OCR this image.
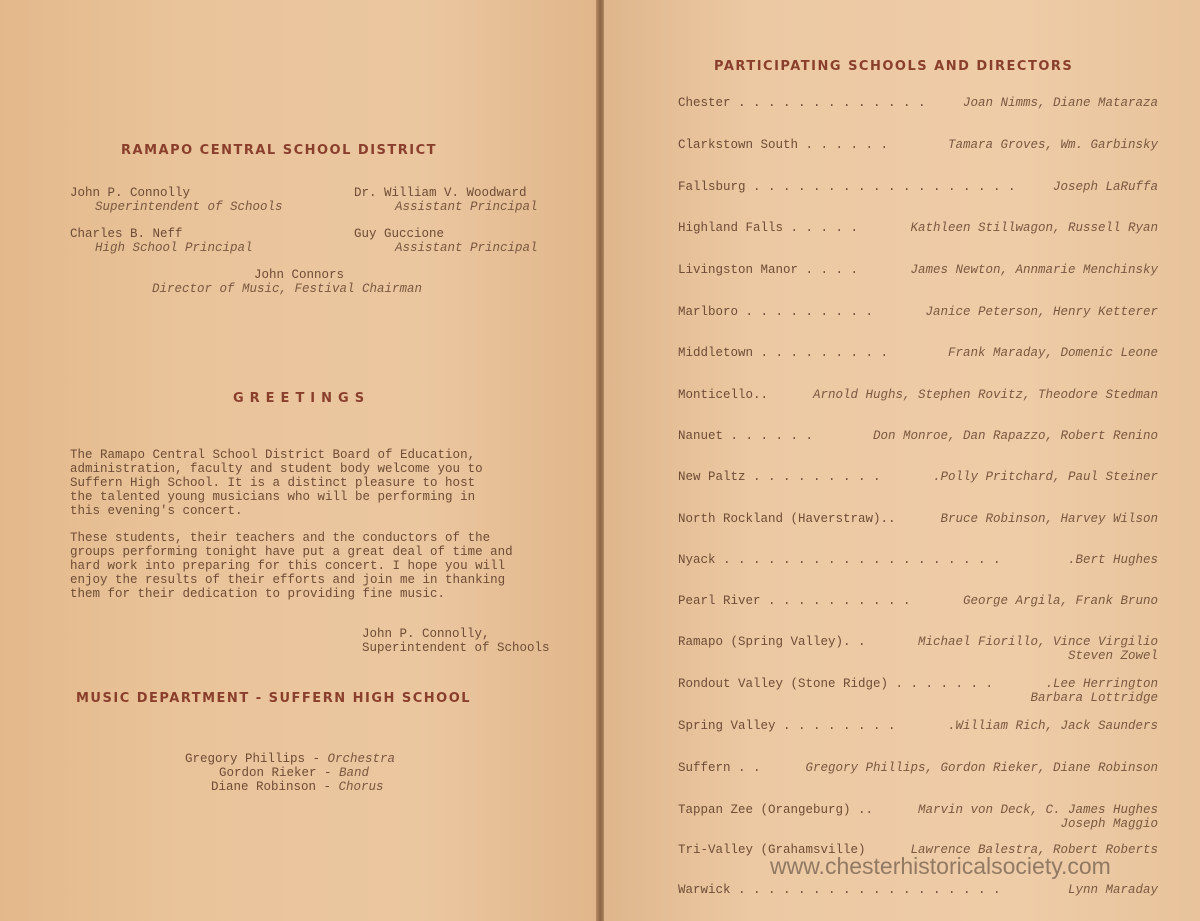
RAMAPO CENTRAL SCHOOL DISTRICT
John P. Connolly
Superintendent of Schools
Dr. William V. Woodward
Assistant Principal
Charles B. Neff
High School Principal
Guy Guccione
Assistant Principal
John Connors
Director of Music, Festival Chairman
GREETINGS
The Ramapo Central School District Board of Education,
administration, faculty and student body welcome you to
Suffern High School. It is a distinct pleasure to host
the talented young musicians who will be performing in
this evening's concert.
These students, their teachers and the conductors of the
groups performing tonight have put a great deal of time and
hard work into preparing for this concert. I hope you will
enjoy the results of their efforts and join me in thanking
them for their dedication to providing fine music.
John P. Connolly,
Superintendent of Schools
MUSIC DEPARTMENT - SUFFERN HIGH SCHOOL
Gregory Phillips - Orchestra
Gordon Rieker - Band
Diane Robinson - Chorus
PARTICIPATING SCHOOLS AND DIRECTORS
Chester . . . . . . . . . . . . .	Joan Nimms, Diane Mataraza
Clarkstown South . . . . . .	Tamara Groves, Wm. Garbinsky
Fallsburg . . . . . . . . . . . . . . . . . .	Joseph LaRuffa
Highland Falls . . . . .	Kathleen Stillwagon, Russell Ryan
Livingston Manor . . . .	James Newton, Annmarie Menchinsky
Marlboro . . . . . . . . .	Janice Peterson, Henry Ketterer
Middletown . . . . . . . . .	Frank Maraday, Domenic Leone
Monticello..	Arnold Hughs, Stephen Rovitz, Theodore Stedman
Nanuet . . . . . .	Don Monroe, Dan Rapazzo, Robert Renino
New Paltz . . . . . . . . .	.Polly Pritchard, Paul Steiner
North Rockland (Haverstraw)..	Bruce Robinson, Harvey Wilson
Nyack . . . . . . . . . . . . . . . . . . .	.Bert Hughes
Pearl River . . . . . . . . . .	George Argila, Frank Bruno
Ramapo (Spring Valley). .	Michael Fiorillo, Vince Virgilio
Steven Zowel
Rondout Valley (Stone Ridge) . . . . . . .	.Lee Herrington
Barbara Lottridge
Spring Valley . . . . . . . .	.William Rich, Jack Saunders
Suffern . .	Gregory Phillips, Gordon Rieker, Diane Robinson
Tappan Zee (Orangeburg) ..	Marvin von Deck, C. James Hughes
Joseph Maggio
Tri-Valley (Grahamsville)	Lawrence Balestra, Robert Roberts
Warwick . . . . . . . . . . . . . . . . . .	Lynn Maraday
www.chesterhistoricalsociety.com
